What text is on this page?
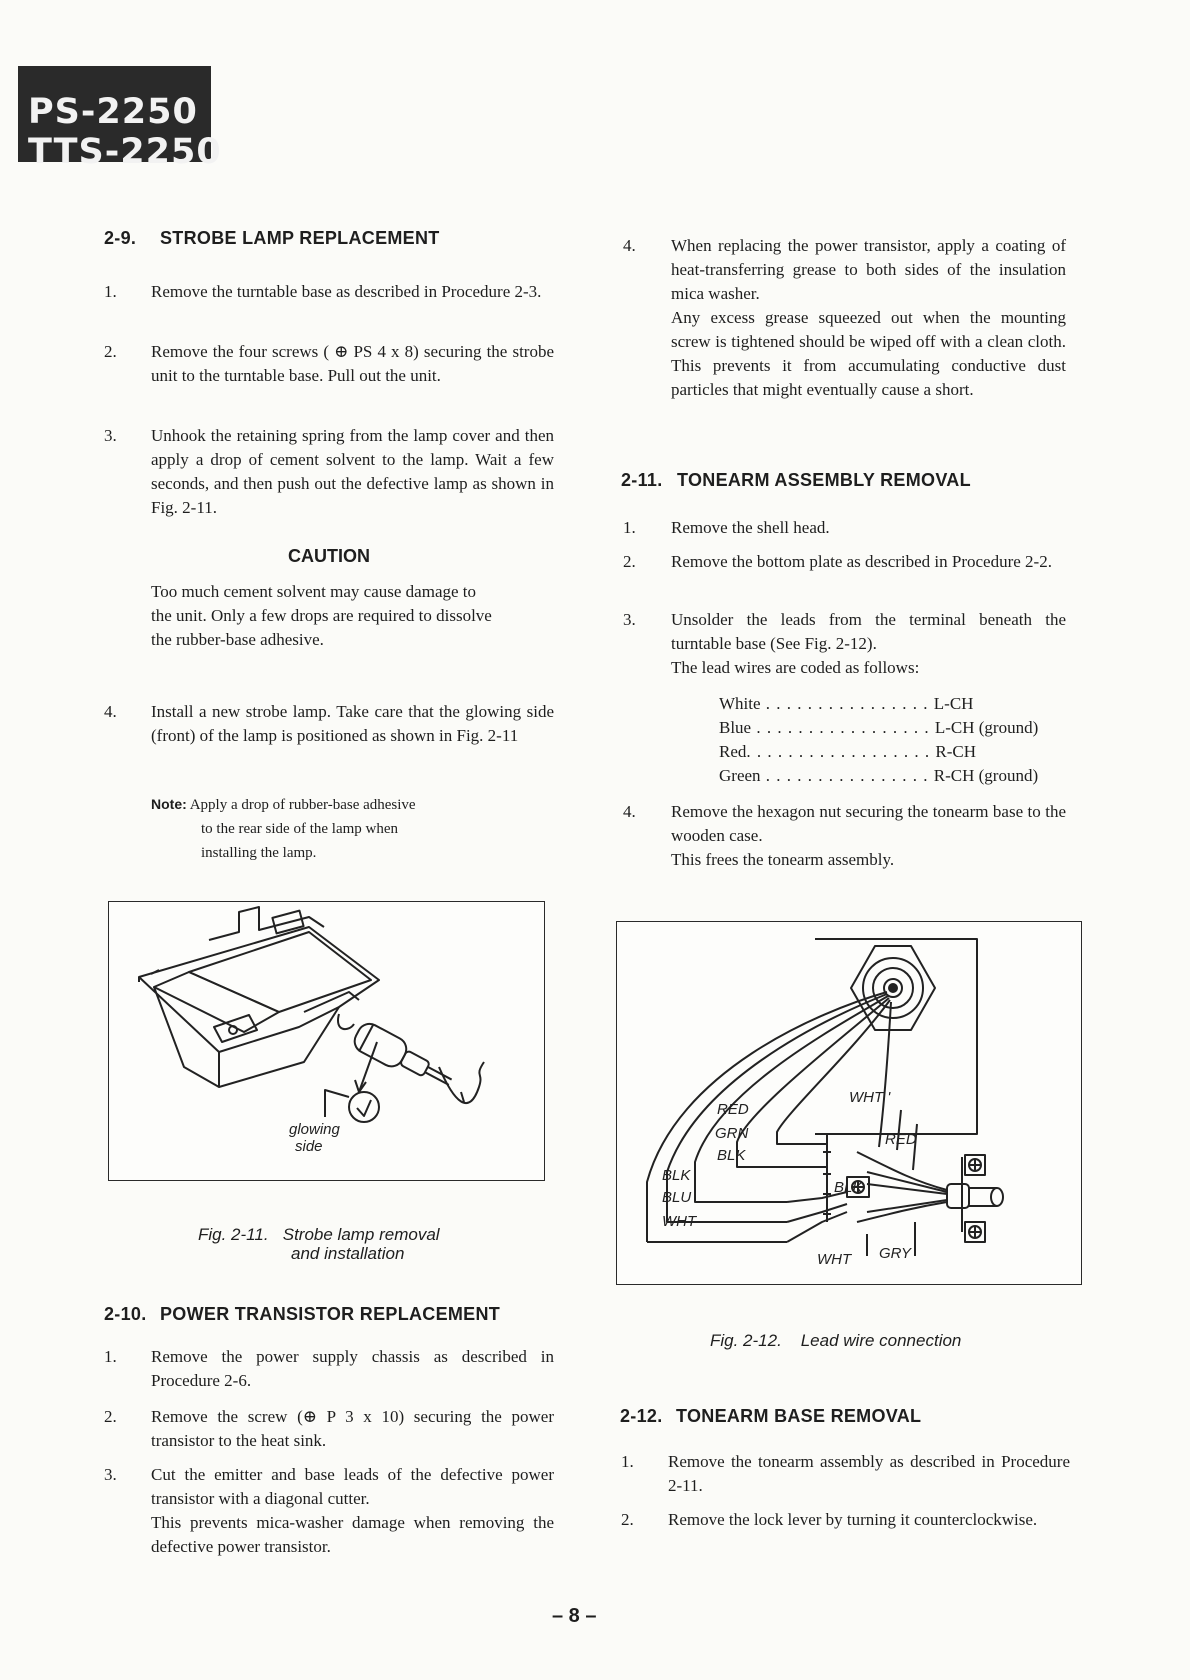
PS-2250
TTS-2250
2-9. STROBE LAMP REPLACEMENT
1.	Remove the turntable base as described in Procedure 2-3.
2.	Remove the four screws ( ⊕ PS 4 x 8) securing the strobe unit to the turntable base. Pull out the unit.
3.	Unhook the retaining spring from the lamp cover and then apply a drop of cement solvent to the lamp. Wait a few seconds, and then push out the defective lamp as shown in Fig. 2-11.
CAUTION
Too much cement solvent may cause damage to the unit. Only a few drops are required to dissolve the rubber-base adhesive.
4.	Install a new strobe lamp. Take care that the glowing side (front) of the lamp is positioned as shown in Fig. 2-11
Note: Apply a drop of rubber-base adhesive
to the rear side of the lamp when
installing the lamp.
glowing
side
Fig. 2-11. Strobe lamp removal
and installation
2-10. POWER TRANSISTOR REPLACEMENT
1.	Remove the power supply chassis as described in Procedure 2-6.
2.	Remove the screw (⊕ P 3 x 10) securing the power transistor to the heat sink.
3.	Cut the emitter and base leads of the defective power transistor with a diagonal cutter.
This prevents mica-washer damage when removing the defective power transistor.
4.	When replacing the power transistor, apply a coating of heat-transferring grease to both sides of the insulation mica washer.
Any excess grease squeezed out when the mounting screw is tightened should be wiped off with a clean cloth. This prevents it from accumulating conductive dust particles that might eventually cause a short.
2-11. TONEARM ASSEMBLY REMOVAL
1.	Remove the shell head.
2.	Remove the bottom plate as described in Procedure 2-2.
3.	Unsolder the leads from the terminal beneath the turntable base (See Fig. 2-12).
The lead wires are coded as follows:
White . . . . . . . . . . . . . . . . L-CH
Blue . . . . . . . . . . . . . . . . . L-CH (ground)
Red. . . . . . . . . . . . . . . . . . R-CH
Green . . . . . . . . . . . . . . . . R-CH (ground)
4.	Remove the hexagon nut securing the tonearm base to the wooden case.
This frees the tonearm assembly.
RED
GRN
BLK
BLK
BLU
WHT
WHT '
RED
BLK
WHT GRY
Fig. 2-12. Lead wire connection
2-12. TONEARM BASE REMOVAL
1.	Remove the tonearm assembly as described in Procedure 2-11.
2.	Remove the lock lever by turning it counterclockwise.
– 8 –
